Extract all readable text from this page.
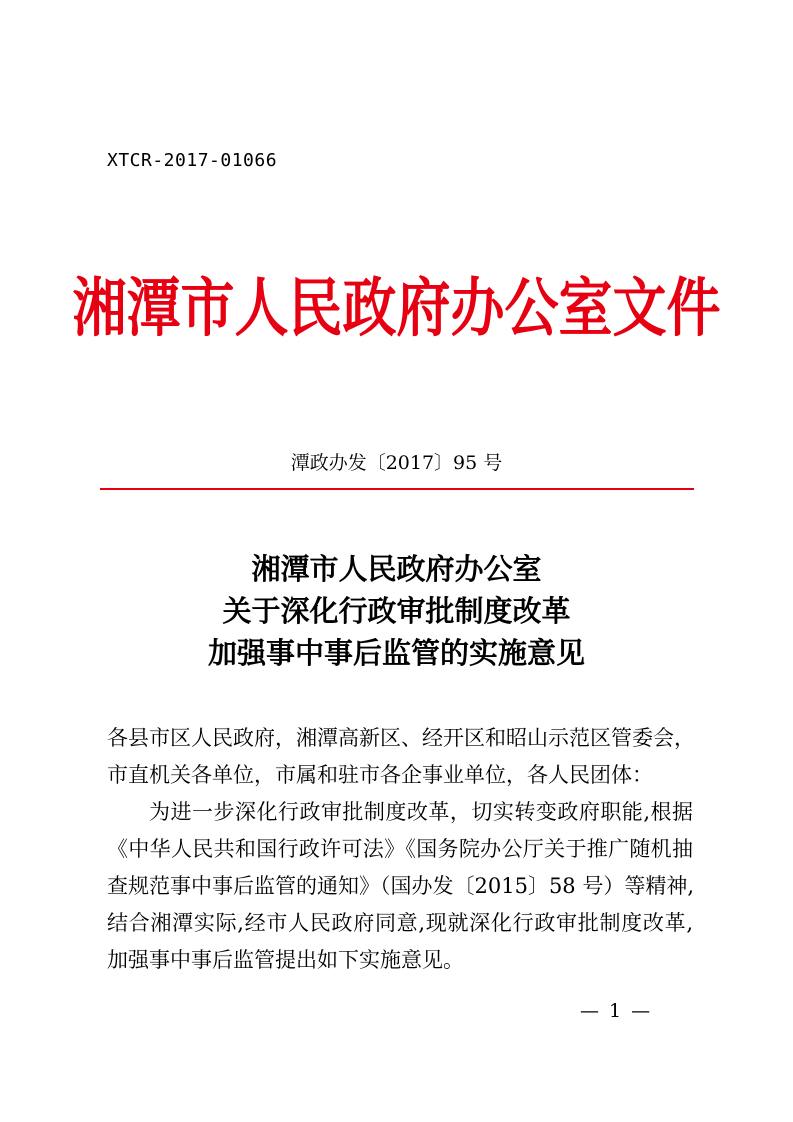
XTCR-2017-01066
湘潭市人民政府办公室文件
潭政办发〔2017〕95 号
湘潭市人民政府办公室
关于深化行政审批制度改革
加强事中事后监管的实施意见
各县市区人民政府，湘潭高新区、经开区和昭山示范区管委会，
市直机关各单位，市属和驻市各企事业单位，各人民团体：
为进一步深化行政审批制度改革，切实转变政府职能,根据
《中华人民共和国行政许可法》《国务院办公厅关于推广随机抽
查规范事中事后监管的通知》（国办发〔2015〕58 号）等精神,
结合湘潭实际,经市人民政府同意,现就深化行政审批制度改革,
加强事中事后监管提出如下实施意见。
— 1 —
